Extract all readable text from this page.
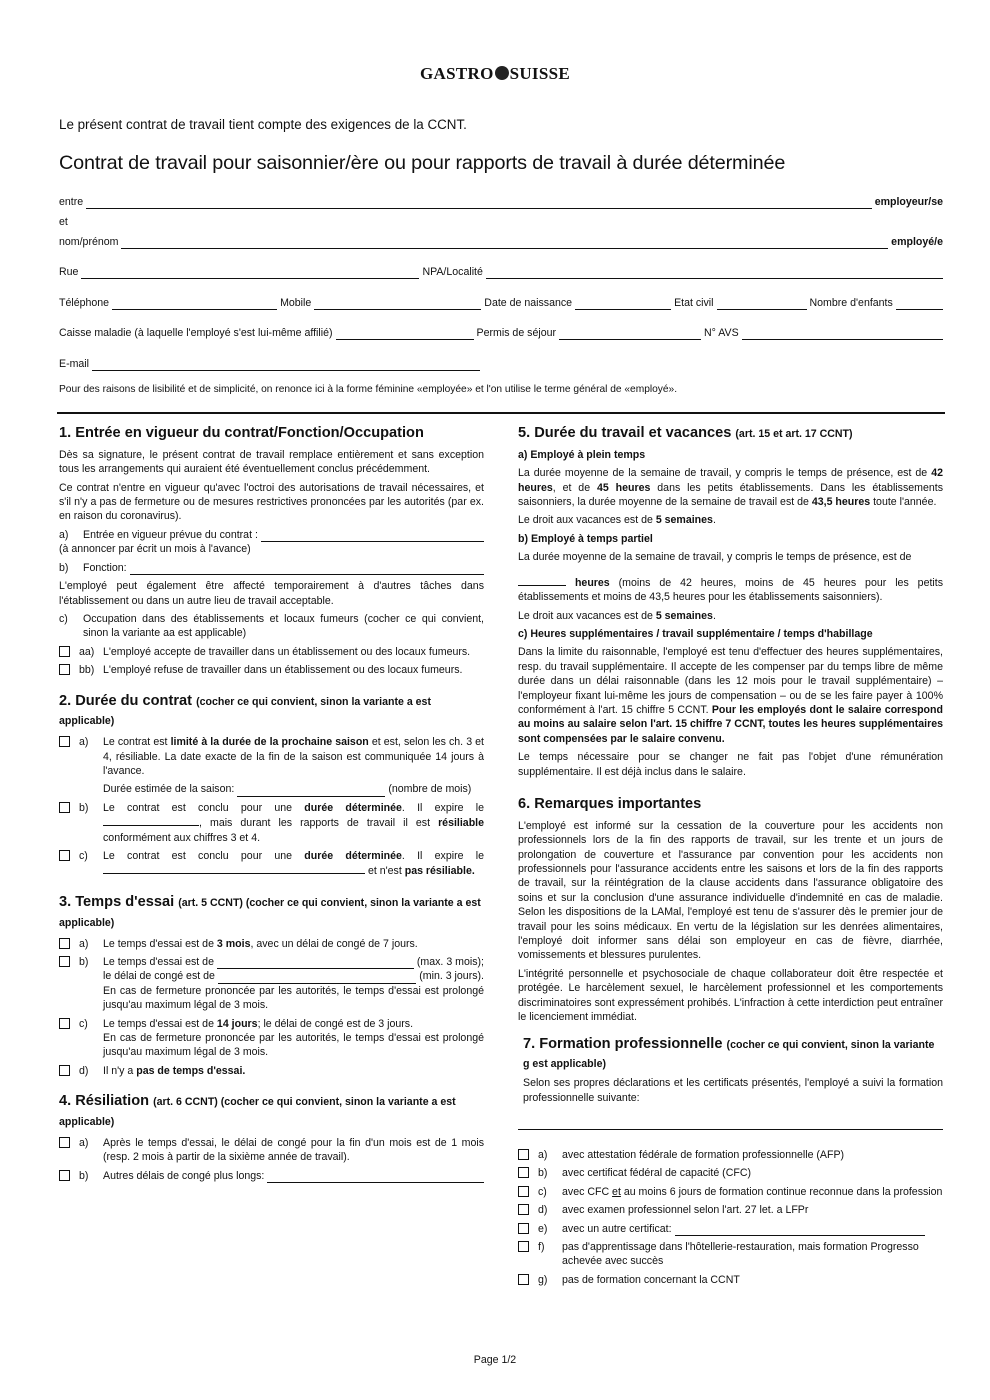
GASTRO SUISSE
Le présent contrat de travail tient compte des exigences de la CCNT.
Contrat de travail pour saisonnier/ère ou pour rapports de travail à durée déterminée
entre	employeur/se
et
nom/prénom	employé/e
Rue	NPA/Localité
Téléphone	Mobile	Date de naissance	Etat civil	Nombre d'enfants
Caisse maladie (à laquelle l'employé s'est lui-même affilié)	Permis de séjour	N° AVS
E-mail
Pour des raisons de lisibilité et de simplicité, on renonce ici à la forme féminine «employée» et l'on utilise le terme général de «employé».
1. Entrée en vigueur du contrat/Fonction/Occupation

Dès sa signature, le présent contrat de travail remplace entièrement et sans exception tous les arrangements qui auraient été éventuellement conclus précédemment.

Ce contrat n'entre en vigueur qu'avec l'octroi des autorisations de travail nécessaires, et s'il n'y a pas de fermeture ou de mesures restrictives prononcées par les autorités (par ex. en raison du coronavirus).

a)	Entrée en vigueur prévue du contrat :

(à annoncer par écrit un mois à l'avance)

b)	Fonction:

L'employé peut également être affecté temporairement à d'autres tâches dans l'établissement ou dans un autre lieu de travail acceptable.

c)	Occupation dans des établissements et locaux fumeurs (cocher ce qui convient, sinon la variante aa est applicable)
aa) L'employé accepte de travailler dans un établissement ou des locaux fumeurs.
bb) L'employé refuse de travailler dans un établissement ou des locaux fumeurs.
2. Durée du contrat (cocher ce qui convient, sinon la variante a est applicable)
a)	Le contrat est limité à la durée de la prochaine saison et est, selon les ch. 3 et 4, résiliable. La date exacte de la fin de la saison est communiquée 14 jours à l'avance.
Durée estimée de la saison:	(nombre de mois)
b)	Le contrat est conclu pour une durée déterminée. Il expire le , mais durant les rapports de travail il est résiliable conformément aux chiffres 3 et 4.
c)	Le contrat est conclu pour une durée déterminée. Il expire le  et n'est pas résiliable.
3. Temps d'essai (art. 5 CCNT) (cocher ce qui convient, sinon la variante a est applicable)
a)	Le temps d'essai est de 3 mois, avec un délai de congé de 7 jours.
b)	Le temps d'essai est de	(max. 3 mois);
le délai de congé est de	(min. 3 jours).
En cas de fermeture prononcée par les autorités, le temps d'essai est prolongé jusqu'au maximum légal de 3 mois.
c)	Le temps d'essai est de 14 jours; le délai de congé est de 3 jours.
En cas de fermeture prononcée par les autorités, le temps d'essai est prolongé jusqu'au maximum légal de 3 mois.
d)	Il n'y a pas de temps d'essai.
4. Résiliation (art. 6 CCNT) (cocher ce qui convient, sinon la variante a est applicable)
a)	Après le temps d'essai, le délai de congé pour la fin d'un mois est de 1 mois (resp. 2 mois à partir de la sixième année de travail).
b)	Autres délais de congé plus longs:
5. Durée du travail et vacances (art. 15 et art. 17 CCNT)
a) Employé à plein temps

La durée moyenne de la semaine de travail, y compris le temps de présence, est de 42 heures, et de 45 heures dans les petits établissements. Dans les établissements saisonniers, la durée moyenne de la semaine de travail est de 43,5 heures toute l'année.

Le droit aux vacances est de 5 semaines.

b) Employé à temps partiel

La durée moyenne de la semaine de travail, y compris le temps de présence, est de
heures (moins de 42 heures, moins de 45 heures pour les petits établissements et moins de 43,5 heures pour les établissements saisonniers).

Le droit aux vacances est de 5 semaines.

c) Heures supplémentaires / travail supplémentaire / temps d'habillage

Dans la limite du raisonnable, l'employé est tenu d'effectuer des heures supplémentaires, resp. du travail supplémentaire. Il accepte de les compenser par du temps libre de même durée dans un délai raisonnable (dans les 12 mois pour le travail supplémentaire) – l'employeur fixant lui-même les jours de compensation – ou de se les faire payer à 100% conformément à l'art. 15 chiffre 5 CCNT. Pour les employés dont le salaire correspond au moins au salaire selon l'art. 15 chiffre 7 CCNT, toutes les heures supplémentaires sont compensées par le salaire convenu.

Le temps nécessaire pour se changer ne fait pas l'objet d'une rémunération supplémentaire. Il est déjà inclus dans le salaire.

6. Remarques importantes

L'employé est informé sur la cessation de la couverture pour les accidents non professionnels lors de la fin des rapports de travail, sur les trente et un jours de prolongation de couverture et l'assurance par convention pour les accidents non professionnels pour l'assurance accidents entre les saisons et lors de la fin des rapports de travail, sur la réintégration de la clause accidents dans l'assurance obligatoire des soins et sur la conclusion d'une assurance individuelle d'indemnité en cas de maladie. Selon les dispositions de la LAMal, l'employé est tenu de s'assurer dès le premier jour de travail pour les soins médicaux. En vertu de la législation sur les denrées alimentaires, l'employé doit informer sans délai son employeur en cas de fièvre, diarrhée, vomissements et blessures purulentes.

L'intégrité personnelle et psychosociale de chaque collaborateur doit être respectée et protégée. Le harcèlement sexuel, le harcèlement professionnel et les comportements discriminatoires sont expressément prohibés. L'infraction à cette interdiction peut entraîner le licenciement immédiat.

7. Formation professionnelle (cocher ce qui convient, sinon la variante g est applicable)

Selon ses propres déclarations et les certificats présentés, l'employé a suivi la formation professionnelle suivante:

a)	avec attestation fédérale de formation professionnelle (AFP)
b)	avec certificat fédéral de capacité (CFC)
c)	avec CFC et au moins 6 jours de formation continue reconnue dans la profession
d)	avec examen professionnel selon l'art. 27 let. a LFPr
e)	avec un autre certificat:
f)	pas d'apprentissage dans l'hôtellerie-restauration, mais formation Progresso achevée avec succès
g)	pas de formation concernant la CCNT
Page 1/2
